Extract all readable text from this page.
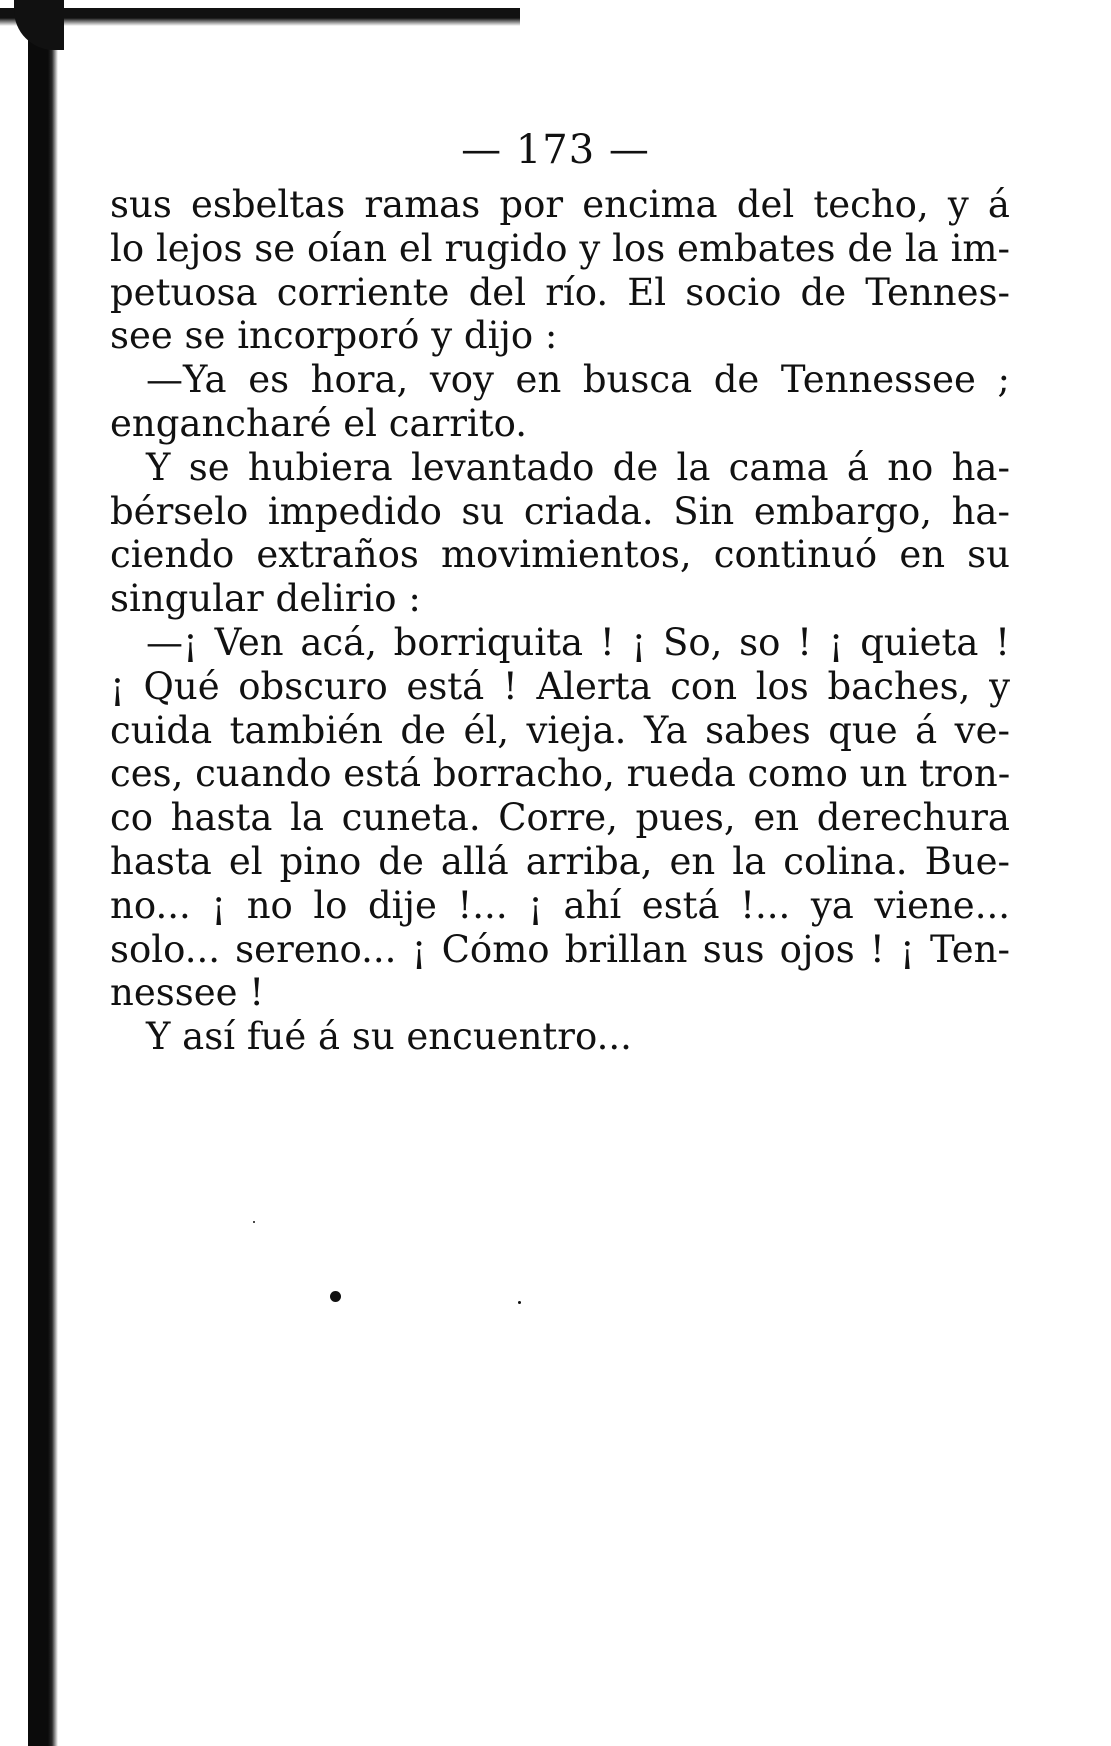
— 173 —
sus esbeltas ramas por encima del techo, y á
lo lejos se oían el rugido y los embates de la im-
petuosa corriente del río. El socio de Tennes-
see se incorporó y dijo :
—Ya es hora, voy en busca de Tennessee ;
engancharé el carrito.
Y se hubiera levantado de la cama á no ha-
bérselo impedido su criada. Sin embargo, ha-
ciendo extraños movimientos, continuó en su
singular delirio :
—¡ Ven acá, borriquita ! ¡ So, so ! ¡ quieta !
¡ Qué obscuro está ! Alerta con los baches, y
cuida también de él, vieja. Ya sabes que á ve-
ces, cuando está borracho, rueda como un tron-
co hasta la cuneta. Corre, pues, en derechura
hasta el pino de allá arriba, en la colina. Bue-
no... ¡ no lo dije !... ¡ ahí está !... ya viene...
solo... sereno... ¡ Cómo brillan sus ojos ! ¡ Ten-
nessee !
Y así fué á su encuentro...
